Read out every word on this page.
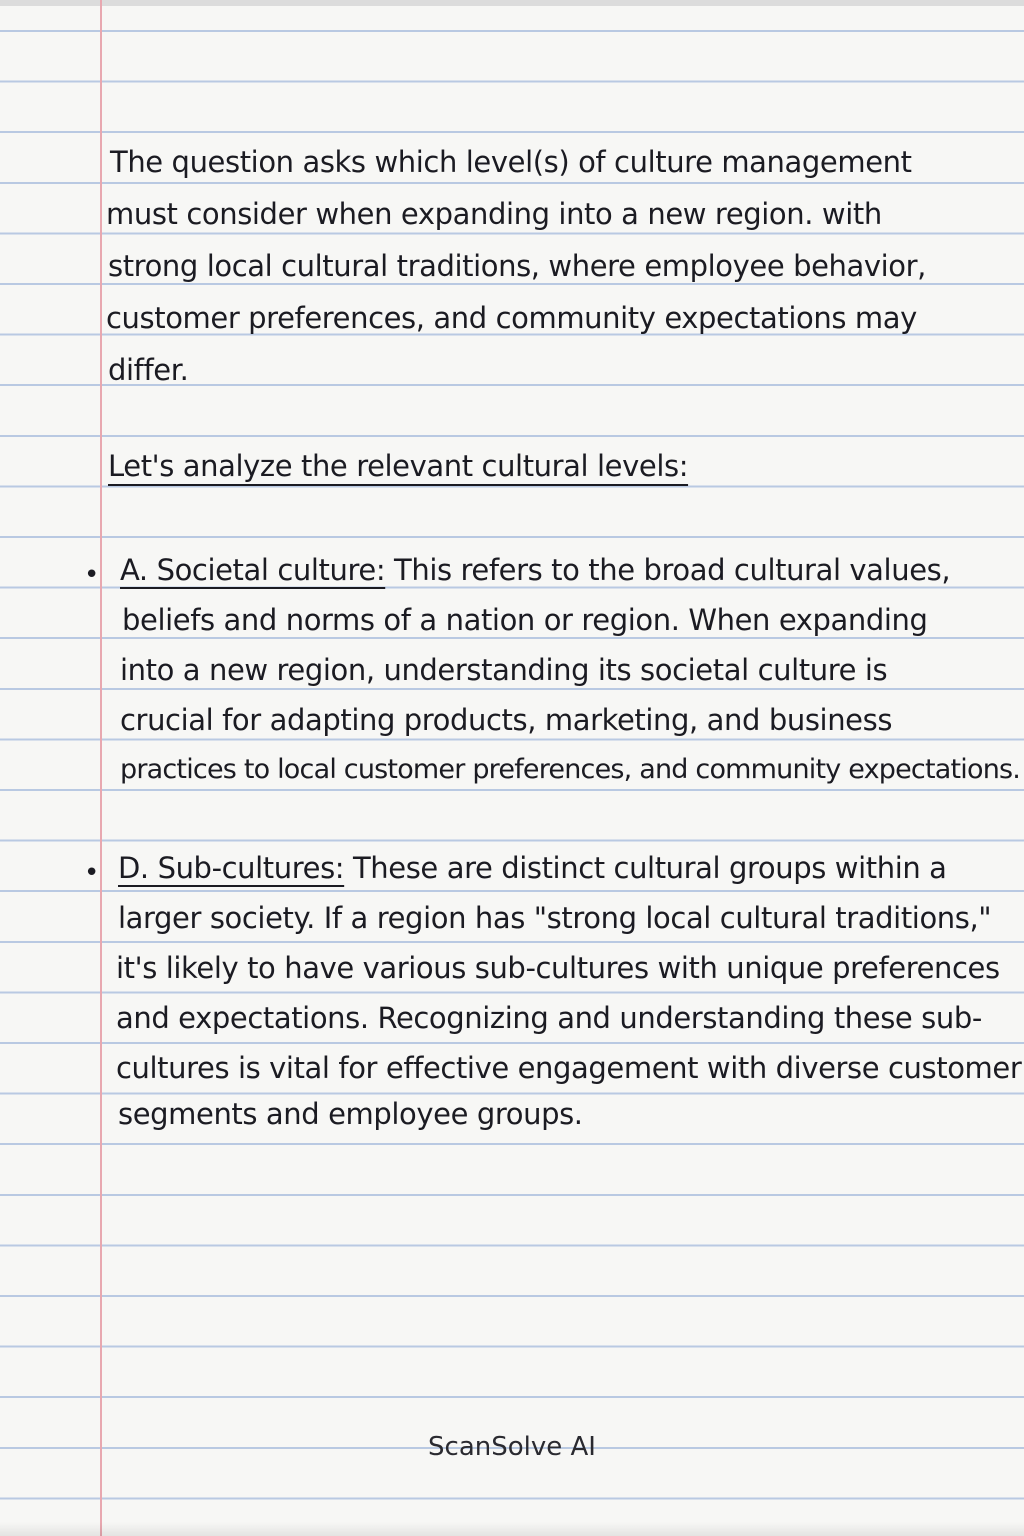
The question asks which level(s) of culture management
must consider when expanding into a new region. with
strong local cultural traditions, where employee behavior,
customer preferences, and community expectations may
differ.
Let's analyze the relevant cultural levels:
• A. Societal culture: This refers to the broad cultural values,
beliefs and norms of a nation or region. When expanding
into a new region, understanding its societal culture is
crucial for adapting products, marketing, and business
practices to local customer preferences, and community expectations.
• D. Sub-cultures: These are distinct cultural groups within a
larger society. If a region has "strong local cultural traditions,"
it's likely to have various sub-cultures with unique preferences
and expectations. Recognizing and understanding these sub-
cultures is vital for effective engagement with diverse customer
segments and employee groups.
ScanSolve AI
